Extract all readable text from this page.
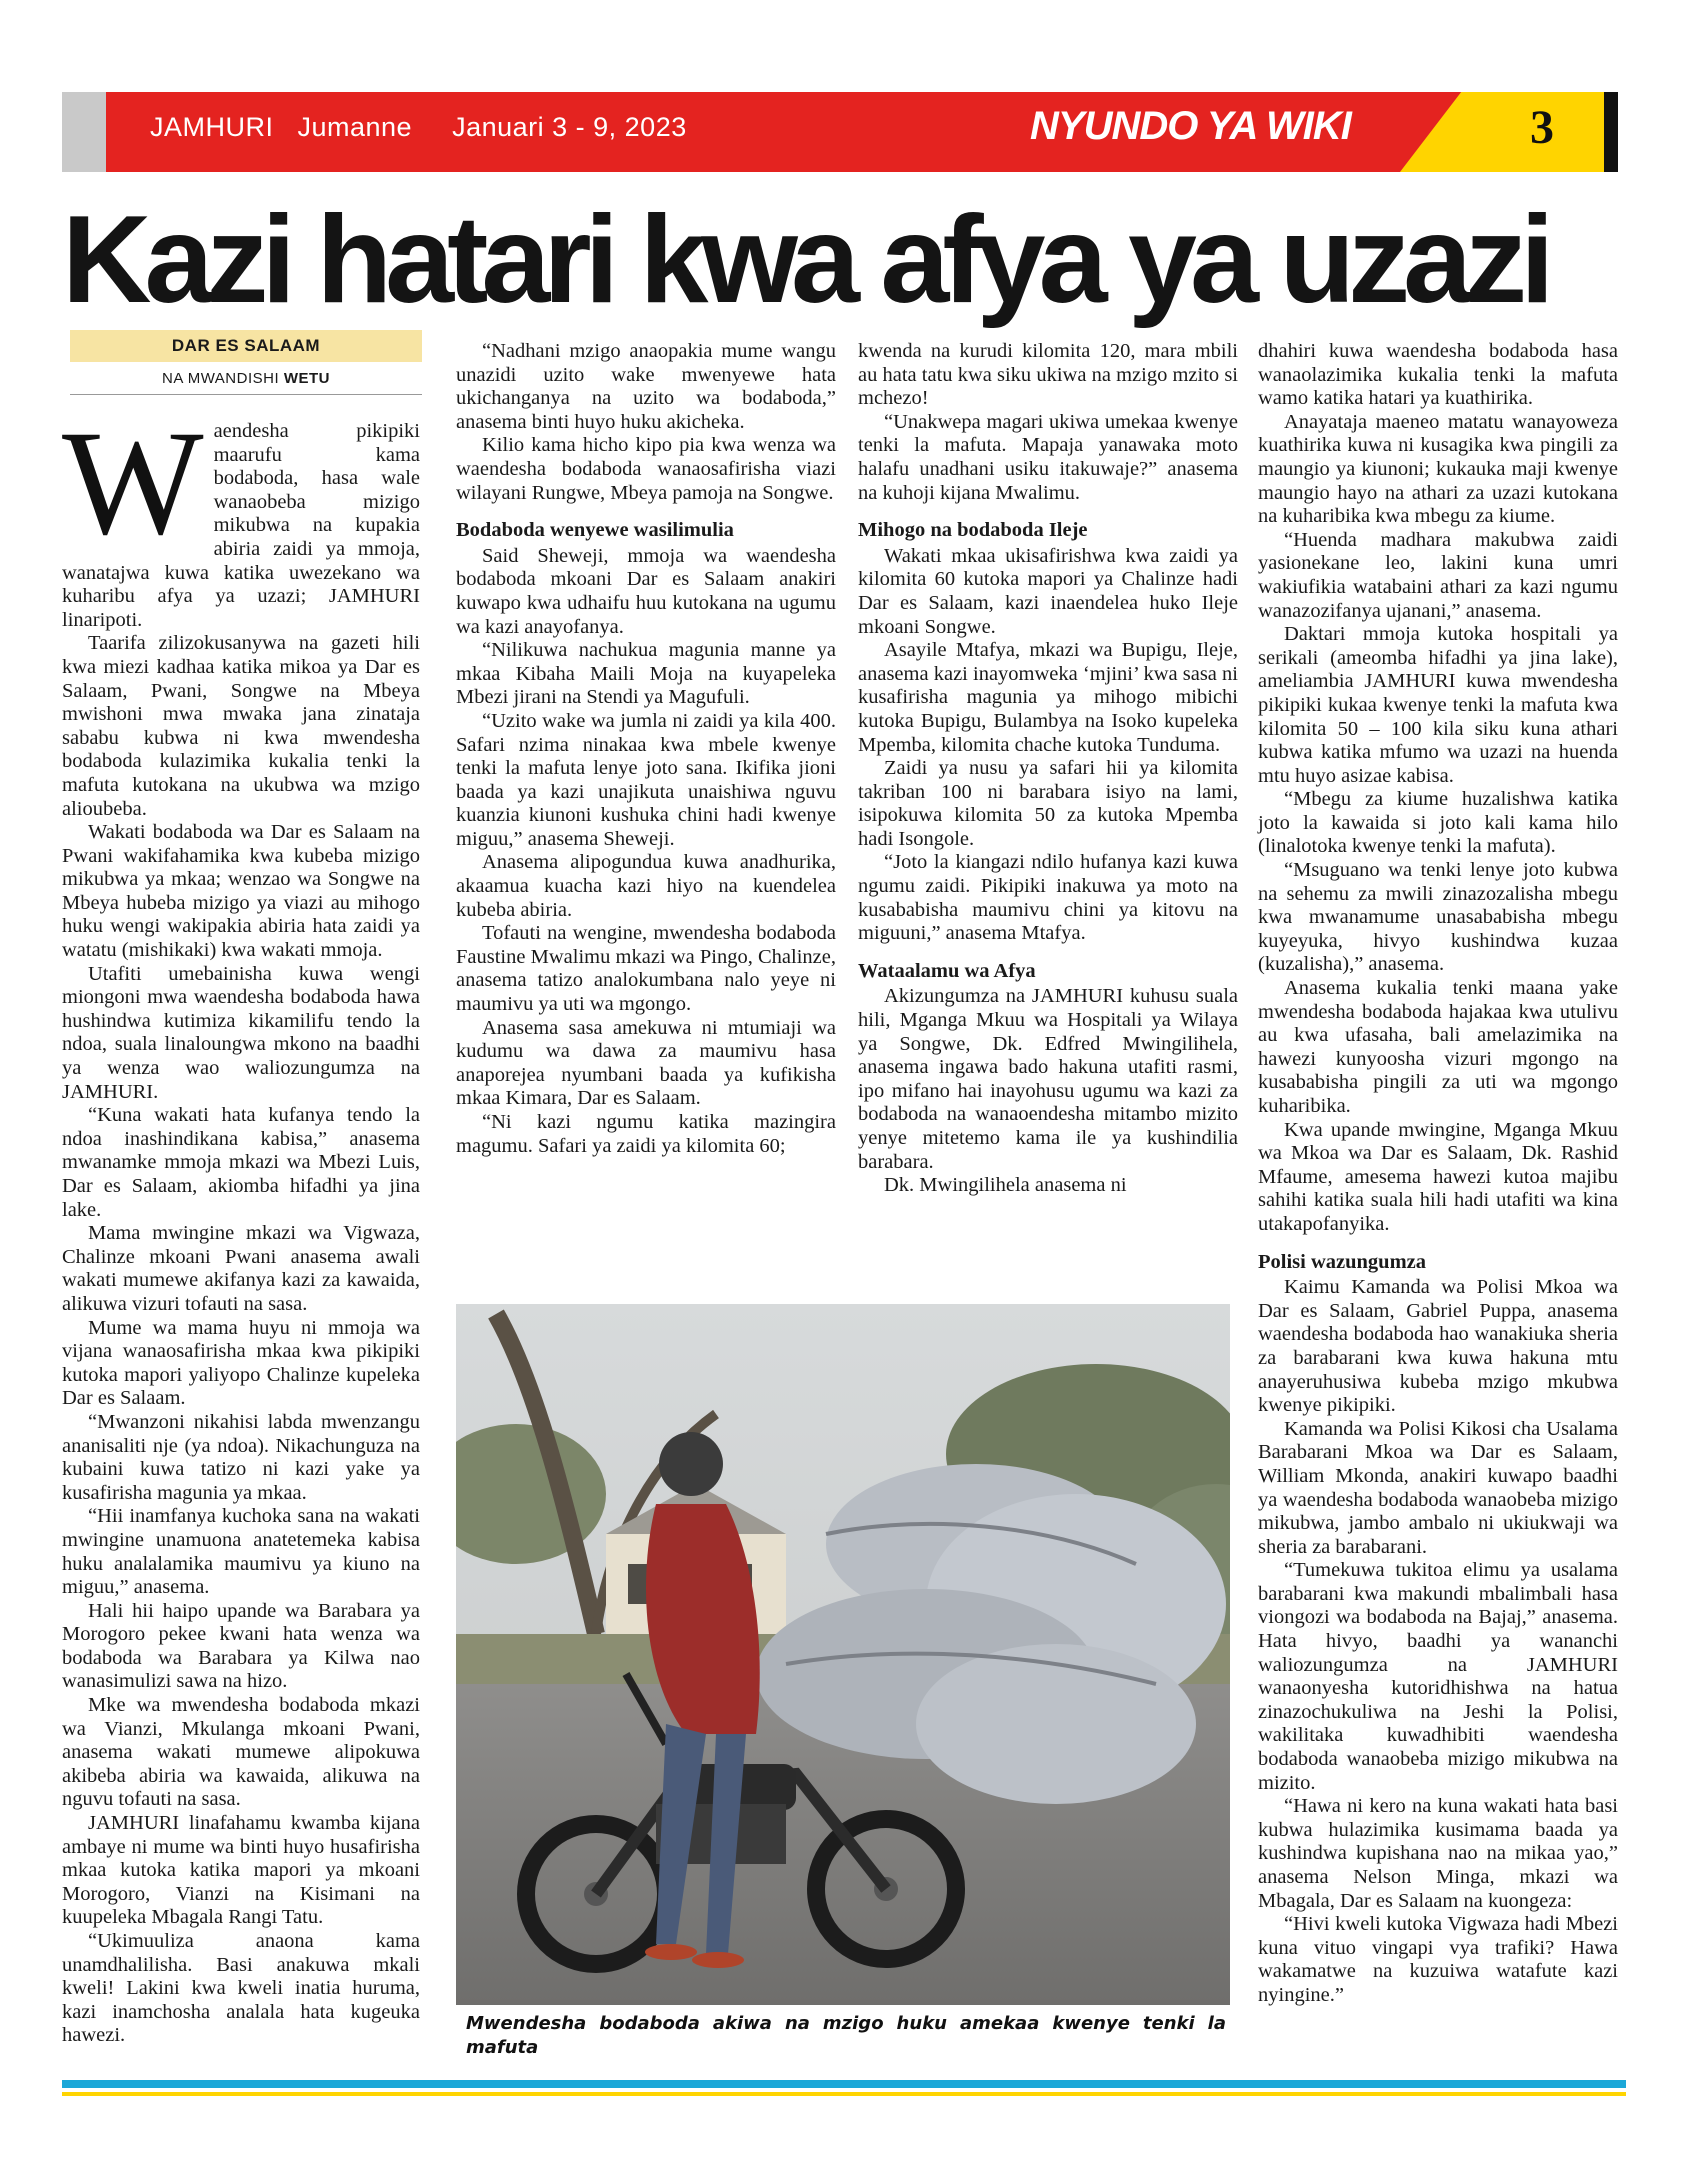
JAMHURI   Jumanne     Januari 3 - 9, 2023	NYUNDO YA WIKI	3
Kazi hatari kwa afya ya uzazi
DAR ES SALAAM
NA MWANDISHI WETU
W aendesha pikipiki maarufu kama bodaboda, hasa wale wanaobeba mizigo mikubwa na kupakia abiria zaidi ya mmoja, wanatajwa kuwa katika uwezekano wa kuharibu afya ya uzazi; JAMHURI linaripoti.

Taarifa zilizokusanywa na gazeti hili kwa miezi kadhaa katika mikoa ya Dar es Salaam, Pwani, Songwe na Mbeya mwishoni mwa mwaka jana zinataja sababu kubwa ni kwa mwendesha bodaboda kulazimika kukalia tenki la mafuta kutokana na ukubwa wa mzigo alioubeba.

Wakati bodaboda wa Dar es Salaam na Pwani wakifahamika kwa kubeba mizigo mikubwa ya mkaa; wenzao wa Songwe na Mbeya hubeba mizigo ya viazi au mihogo huku wengi wakipakia abiria hata zaidi ya watatu (mishikaki) kwa wakati mmoja.

Utafiti umebainisha kuwa wengi miongoni mwa waendesha bodaboda hawa hushindwa kutimiza kikamilifu tendo la ndoa, suala linaloungwa mkono na baadhi ya wenza wao waliozungumza na JAMHURI.

“Kuna wakati hata kufanya tendo la ndoa inashindikana kabisa,” anasema mwanamke mmoja mkazi wa Mbezi Luis, Dar es Salaam, akiomba hifadhi ya jina lake.

Mama mwingine mkazi wa Vigwaza, Chalinze mkoani Pwani anasema awali wakati mumewe akifanya kazi za kawaida, alikuwa vizuri tofauti na sasa.

Mume wa mama huyu ni mmoja wa vijana wanaosafirisha mkaa kwa pikipiki kutoka mapori yaliyopo Chalinze kupeleka Dar es Salaam.

“Mwanzoni nikahisi labda mwenzangu ananisaliti nje (ya ndoa). Nikachunguza na kubaini kuwa tatizo ni kazi yake ya kusafirisha magunia ya mkaa.

“Hii inamfanya kuchoka sana na wakati mwingine unamuona anatetemeka kabisa huku analalamika maumivu ya kiuno na miguu,” anasema.

Hali hii haipo upande wa Barabara ya Morogoro pekee kwani hata wenza wa bodaboda wa Barabara ya Kilwa nao wanasimulizi sawa na hizo.

Mke wa mwendesha bodaboda mkazi wa Vianzi, Mkulanga mkoani Pwani, anasema wakati mumewe alipokuwa akibeba abiria wa kawaida, alikuwa na nguvu tofauti na sasa.

JAMHURI linafahamu kwamba kijana ambaye ni mume wa binti huyo husafirisha mkaa kutoka katika mapori ya mkoani Morogoro, Vianzi na Kisimani na kuupeleka Mbagala Rangi Tatu.

“Ukimuuliza anaona kama unamdhalilisha. Basi anakuwa mkali kweli! Lakini kwa kweli inatia huruma, kazi inamchosha analala hata kugeuka hawezi.

“Nadhani mzigo anaopakia mume wangu unazidi uzito wake mwenyewe hata ukichanganya na uzito wa bodaboda,” anasema binti huyo huku akicheka.

Kilio kama hicho kipo pia kwa wenza wa waendesha bodaboda wanaosafirisha viazi wilayani Rungwe, Mbeya pamoja na Songwe.

Bodaboda wenyewe wasilimulia

Said Sheweji, mmoja wa waendesha bodaboda mkoani Dar es Salaam anakiri kuwapo kwa udhaifu huu kutokana na ugumu wa kazi anayofanya.

“Nilikuwa nachukua magunia manne ya mkaa Kibaha Maili Moja na kuyapeleka Mbezi jirani na Stendi ya Magufuli.

“Uzito wake wa jumla ni zaidi ya kila 400. Safari nzima ninakaa kwa mbele kwenye tenki la mafuta lenye joto sana. Ikifika jioni baada ya kazi unajikuta unaishiwa nguvu kuanzia kiunoni kushuka chini hadi kwenye miguu,” anasema Sheweji.

Anasema alipogundua kuwa anadhurika, akaamua kuacha kazi hiyo na kuendelea kubeba abiria.

Tofauti na wengine, mwendesha bodaboda Faustine Mwalimu mkazi wa Pingo, Chalinze, anasema tatizo analokumbana nalo yeye ni maumivu ya uti wa mgongo.

Anasema sasa amekuwa ni mtumiaji wa kudumu wa dawa za maumivu hasa anaporejea nyumbani baada ya kufikisha mkaa Kimara, Dar es Salaam.

“Ni kazi ngumu katika mazingira magumu. Safari ya zaidi ya kilomita 60;

kwenda na kurudi kilomita 120, mara mbili au hata tatu kwa siku ukiwa na mzigo mzito si mchezo!

“Unakwepa magari ukiwa umekaa kwenye tenki la mafuta. Mapaja yanawaka moto halafu unadhani usiku itakuwaje?” anasema na kuhoji kijana Mwalimu.

Mihogo na bodaboda Ileje

Wakati mkaa ukisafirishwa kwa zaidi ya kilomita 60 kutoka mapori ya Chalinze hadi Dar es Salaam, kazi inaendelea huko Ileje mkoani Songwe.

Asayile Mtafya, mkazi wa Bupigu, Ileje, anasema kazi inayomweka ‘mjini’ kwa sasa ni kusafirisha magunia ya mihogo mibichi kutoka Bupigu, Bulambya na Isoko kupeleka Mpemba, kilomita chache kutoka Tunduma.

Zaidi ya nusu ya safari hii ya kilomita takriban 100 ni barabara isiyo na lami, isipokuwa kilomita 50 za kutoka Mpemba hadi Isongole.

“Joto la kiangazi ndilo hufanya kazi kuwa ngumu zaidi. Pikipiki inakuwa ya moto na kusababisha maumivu chini ya kitovu na miguuni,” anasema Mtafya.

Wataalamu wa Afya

Akizungumza na JAMHURI kuhusu suala hili, Mganga Mkuu wa Hospitali ya Wilaya ya Songwe, Dk. Edfred Mwingilihela, anasema ingawa bado hakuna utafiti rasmi, ipo mifano hai inayohusu ugumu wa kazi za bodaboda na wanaoendesha mitambo mizito yenye mitetemo kama ile ya kushindilia barabara.

Dk. Mwingilihela anasema ni

dhahiri kuwa waendesha bodaboda hasa wanaolazimika kukalia tenki la mafuta wamo katika hatari ya kuathirika.

Anayataja maeneo matatu wanayoweza kuathirika kuwa ni kusagika kwa pingili za maungio ya kiunoni; kukauka maji kwenye maungio hayo na athari za uzazi kutokana na kuharibika kwa mbegu za kiume.

“Huenda madhara makubwa zaidi yasionekane leo, lakini kuna umri wakiufikia watabaini athari za kazi ngumu wanazozifanya ujanani,” anasema.

Daktari mmoja kutoka hospitali ya serikali (ameomba hifadhi ya jina lake), ameliambia JAMHURI kuwa mwendesha pikipiki kukaa kwenye tenki la mafuta kwa kilomita 50 – 100 kila siku kuna athari kubwa katika mfumo wa uzazi na huenda mtu huyo asizae kabisa.

“Mbegu za kiume huzalishwa katika joto la kawaida si joto kali kama hilo (linalotoka kwenye tenki la mafuta).

“Msuguano wa tenki lenye joto kubwa na sehemu za mwili zinazozalisha mbegu kwa mwanamume unasababisha mbegu kuyeyuka, hivyo kushindwa kuzaa (kuzalisha),” anasema.

Anasema kukalia tenki maana yake mwendesha bodaboda hajakaa kwa utulivu au kwa ufasaha, bali amelazimika na hawezi kunyoosha vizuri mgongo na kusababisha pingili za uti wa mgongo kuharibika.

Kwa upande mwingine, Mganga Mkuu wa Mkoa wa Dar es Salaam, Dk. Rashid Mfaume, amesema hawezi kutoa majibu sahihi katika suala hili hadi utafiti wa kina utakapofanyika.

Polisi wazungumza

Kaimu Kamanda wa Polisi Mkoa wa Dar es Salaam, Gabriel Puppa, anasema waendesha bodaboda hao wanakiuka sheria za barabarani kwa kuwa hakuna mtu anayeruhusiwa kubeba mzigo mkubwa kwenye pikipiki.

Kamanda wa Polisi Kikosi cha Usalama Barabarani Mkoa wa Dar es Salaam, William Mkonda, anakiri kuwapo baadhi ya waendesha bodaboda wanaobeba mizigo mikubwa, jambo ambalo ni ukiukwaji wa sheria za barabarani.

“Tumekuwa tukitoa elimu ya usalama barabarani kwa makundi mbalimbali hasa viongozi wa bodaboda na Bajaj,” anasema. Hata hivyo, baadhi ya wananchi waliozungumza na JAMHURI wanaonyesha kutoridhishwa na hatua zinazochukuliwa na Jeshi la Polisi, wakilitaka kuwadhibiti waendesha bodaboda wanaobeba mizigo mikubwa na mizito.

“Hawa ni kero na kuna wakati hata basi kubwa hulazimika kusimama baada ya kushindwa kupishana nao na mikaa yao,” anasema Nelson Minga, mkazi wa Mbagala, Dar es Salaam na kuongeza:

“Hivi kweli kutoka Vigwaza hadi Mbezi kuna vituo vingapi vya trafiki? Hawa wakamatwe na kuzuiwa watafute kazi nyingine.”

Mwendesha bodaboda akiwa na mzigo huku amekaa kwenye tenki la mafuta
